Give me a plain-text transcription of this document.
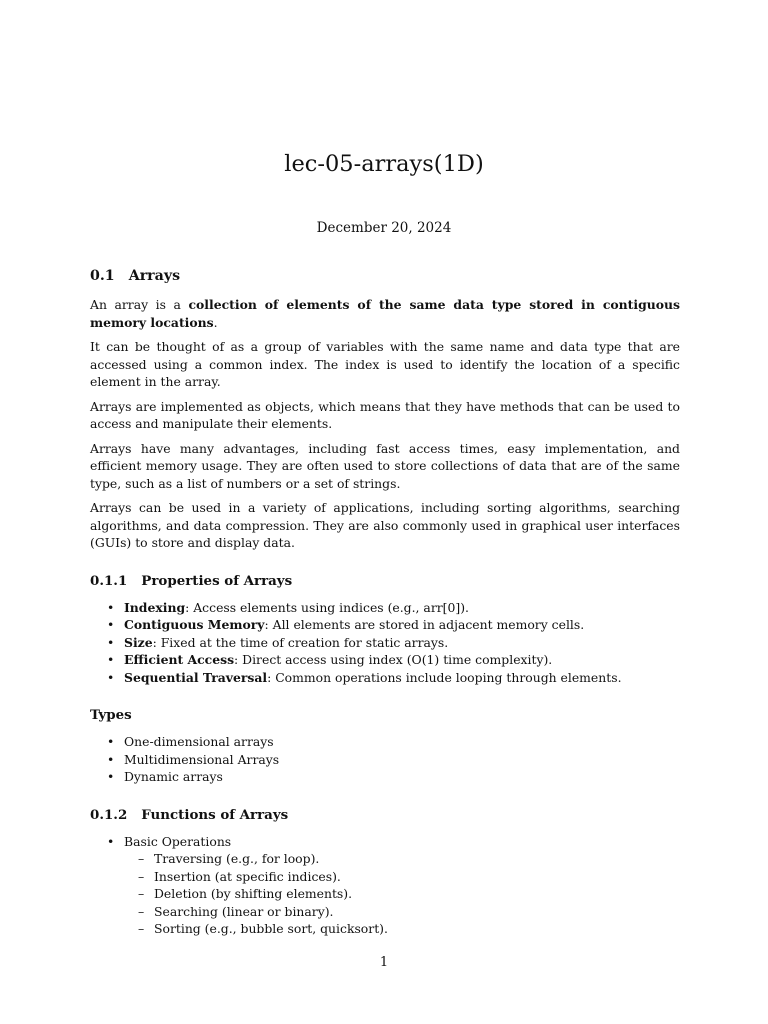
lec-05-arrays(1D)
December 20, 2024
0.1 Arrays

An array is a collection of elements of the same data type stored in contiguous memory locations.

It can be thought of as a group of variables with the same name and data type that are accessed using a common index. The index is used to identify the location of a specific element in the array.

Arrays are implemented as objects, which means that they have methods that can be used to access and manipulate their elements.

Arrays have many advantages, including fast access times, easy implementation, and efficient memory usage. They are often used to store collections of data that are of the same type, such as a list of numbers or a set of strings.

Arrays can be used in a variety of applications, including sorting algorithms, searching algorithms, and data compression. They are also commonly used in graphical user interfaces (GUIs) to store and display data.

0.1.1 Properties of Arrays
• Indexing: Access elements using indices (e.g., arr[0]).
• Contiguous Memory: All elements are stored in adjacent memory cells.
• Size: Fixed at the time of creation for static arrays.
• Efficient Access: Direct access using index (O(1) time complexity).
• Sequential Traversal: Common operations include looping through elements.
Types
• One-dimensional arrays
• Multidimensional Arrays
• Dynamic arrays
0.1.2 Functions of Arrays
• Basic Operations
– Traversing (e.g., for loop).
– Insertion (at specific indices).
– Deletion (by shifting elements).
– Searching (linear or binary).
– Sorting (e.g., bubble sort, quicksort).
1
